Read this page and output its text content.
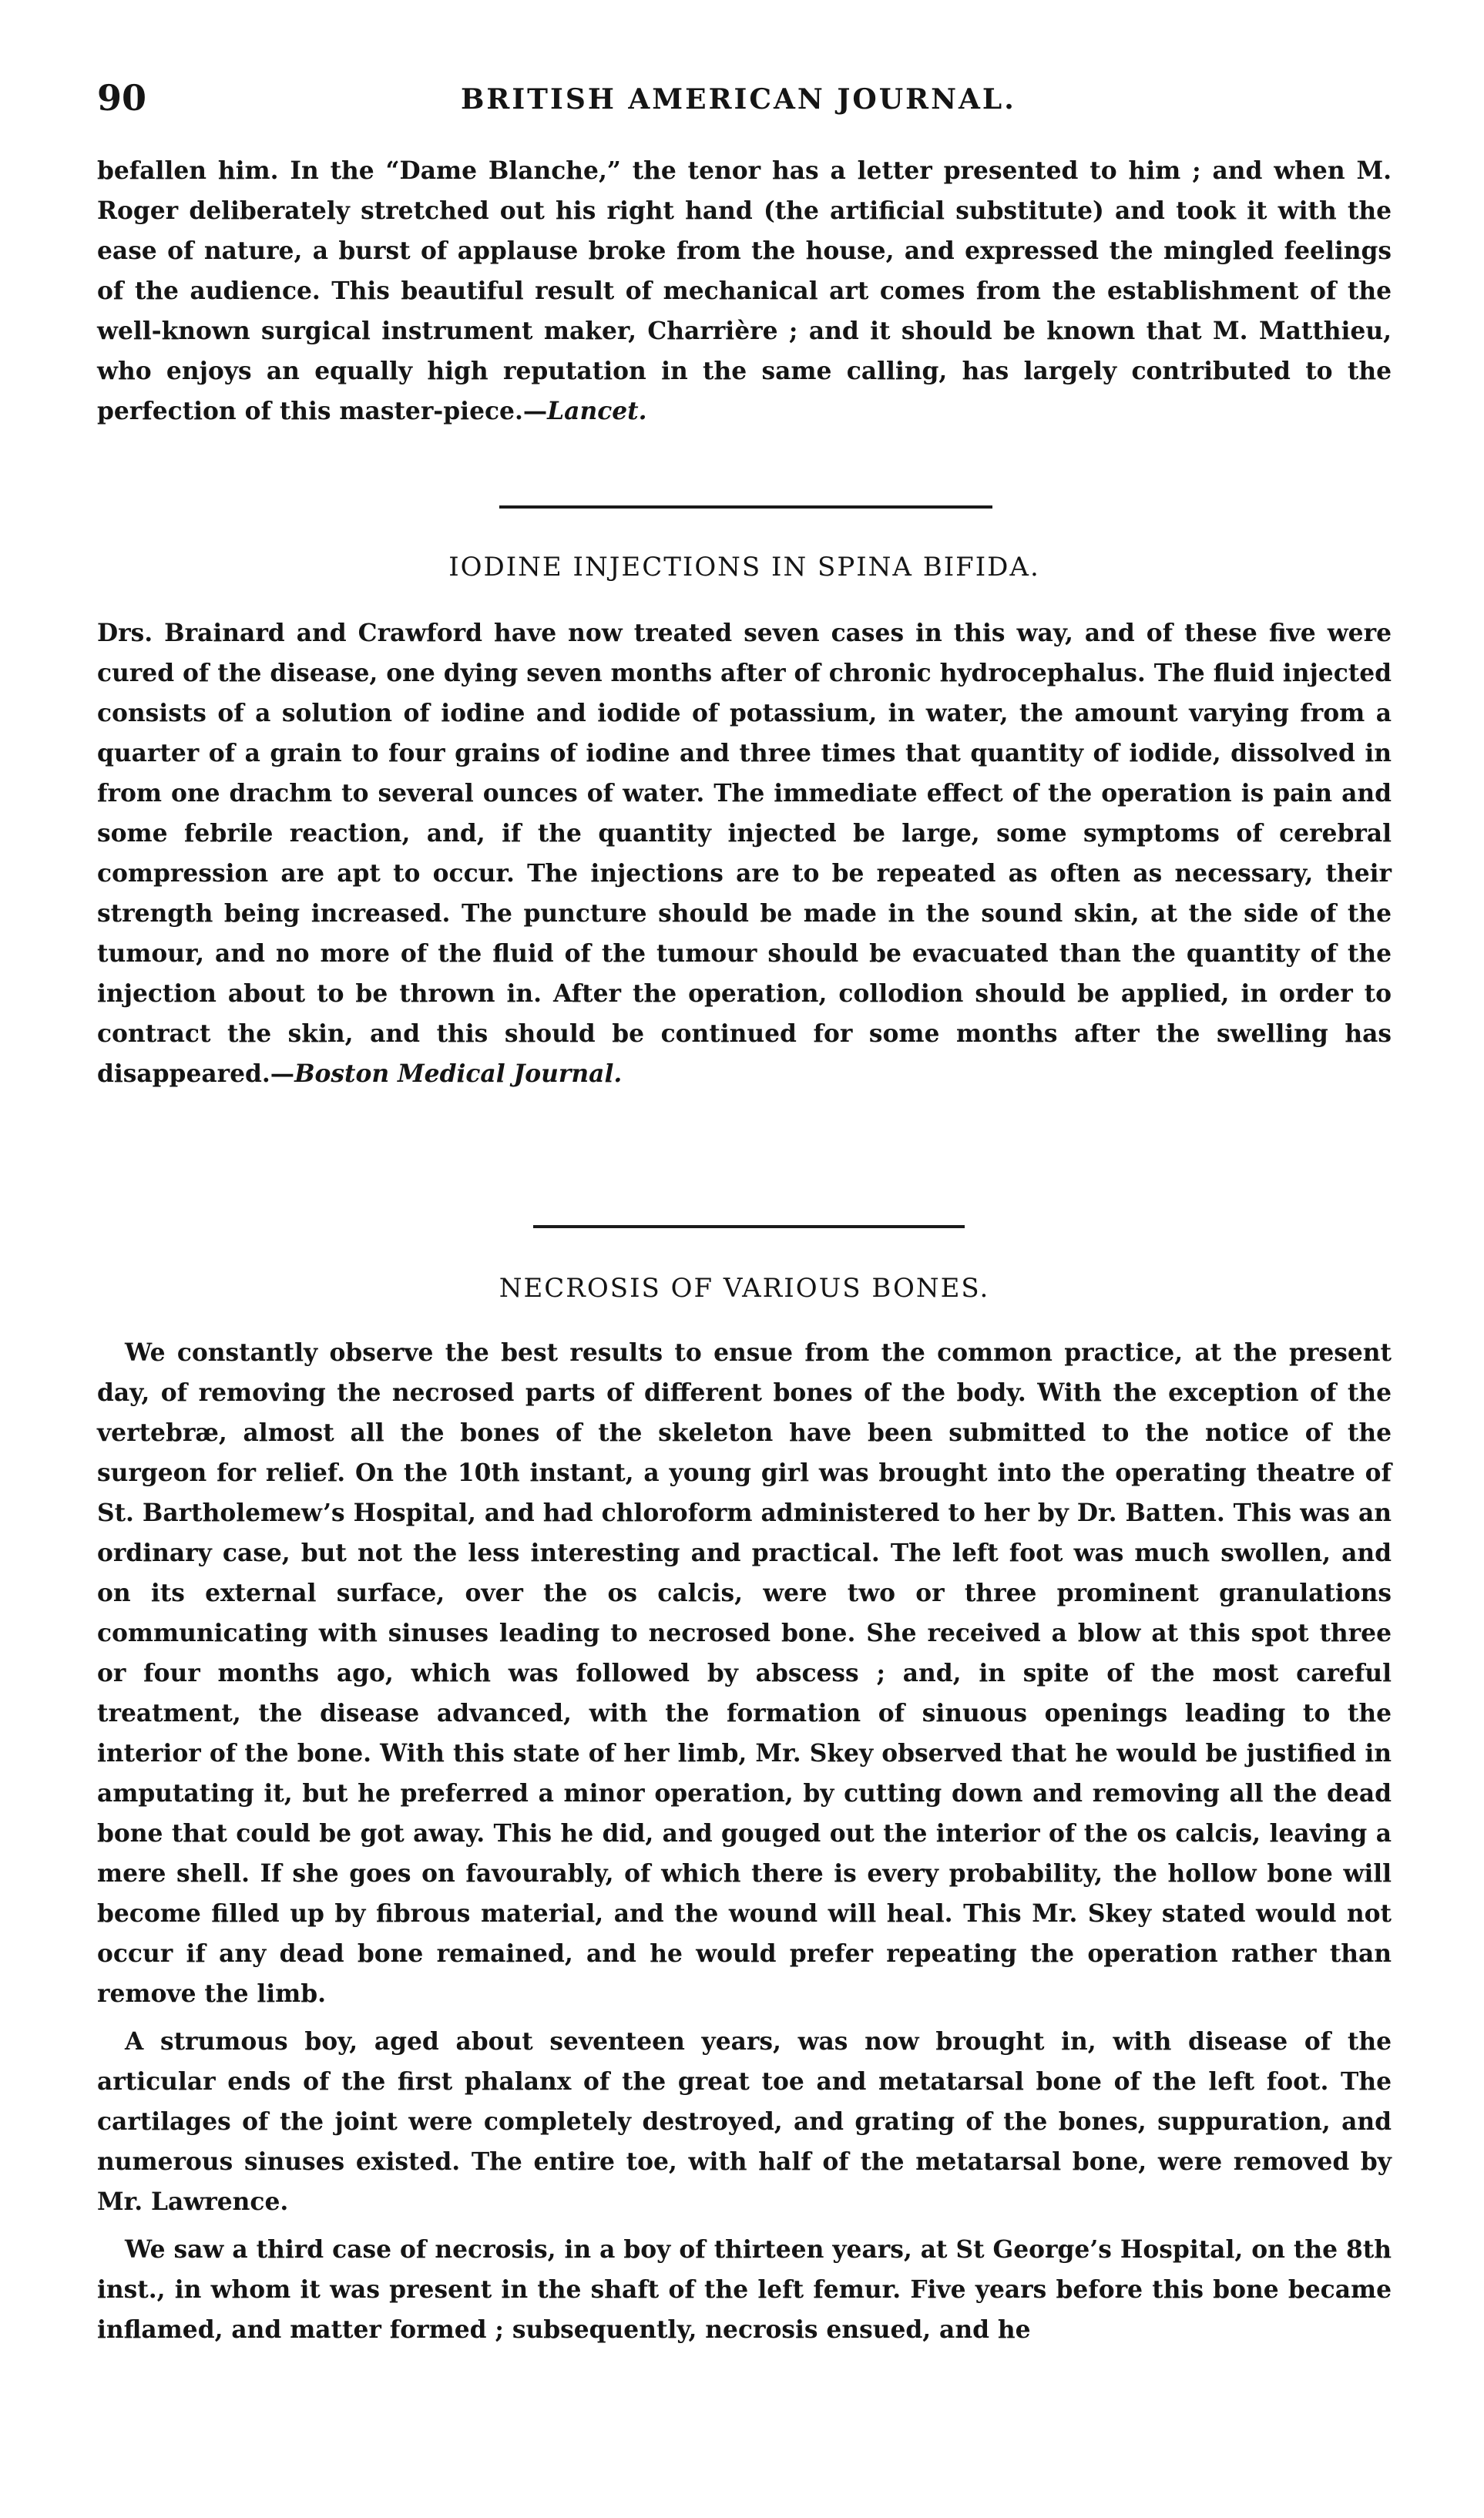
90	BRITISH AMERICAN JOURNAL.

befallen him. In the “Dame Blanche,” the tenor has a letter presented to him ; and when M. Roger deliberately stretched out his right hand (the artificial substitute) and took it with the ease of nature, a burst of applause broke from the house, and expressed the mingled feelings of the audience. This beautiful result of mechanical art comes from the establishment of the well-known surgical instrument maker, Charrière ; and it should be known that M. Matthieu, who enjoys an equally high reputation in the same calling, has largely contributed to the perfection of this master-piece.—Lancet.

IODINE INJECTIONS IN SPINA BIFIDA.

Drs. Brainard and Crawford have now treated seven cases in this way, and of these five were cured of the disease, one dying seven months after of chronic hydrocephalus. The fluid injected consists of a solution of iodine and iodide of potassium, in water, the amount varying from a quarter of a grain to four grains of iodine and three times that quantity of iodide, dissolved in from one drachm to several ounces of water. The immediate effect of the operation is pain and some febrile reaction, and, if the quantity injected be large, some symptoms of cerebral compression are apt to occur. The injections are to be repeated as often as necessary, their strength being increased. The puncture should be made in the sound skin, at the side of the tumour, and no more of the fluid of the tumour should be evacuated than the quantity of the injection about to be thrown in. After the operation, collodion should be applied, in order to contract the skin, and this should be continued for some months after the swelling has disappeared.—Boston Medical Journal.

NECROSIS OF VARIOUS BONES.

We constantly observe the best results to ensue from the common practice, at the present day, of removing the necrosed parts of different bones of the body. With the exception of the vertebræ, almost all the bones of the skeleton have been submitted to the notice of the surgeon for relief. On the 10th instant, a young girl was brought into the operating theatre of St. Bartholemew’s Hospital, and had chloroform administered to her by Dr. Batten. This was an ordinary case, but not the less interesting and practical. The left foot was much swollen, and on its external surface, over the os calcis, were two or three prominent granulations communicating with sinuses leading to necrosed bone. She received a blow at this spot three or four months ago, which was followed by abscess ; and, in spite of the most careful treatment, the disease advanced, with the formation of sinuous openings leading to the interior of the bone. With this state of her limb, Mr. Skey observed that he would be justified in amputating it, but he preferred a minor operation, by cutting down and removing all the dead bone that could be got away. This he did, and gouged out the interior of the os calcis, leaving a mere shell. If she goes on favourably, of which there is every probability, the hollow bone will become filled up by fibrous material, and the wound will heal. This Mr. Skey stated would not occur if any dead bone remained, and he would prefer repeating the operation rather than remove the limb.

A strumous boy, aged about seventeen years, was now brought in, with disease of the articular ends of the first phalanx of the great toe and metatarsal bone of the left foot. The cartilages of the joint were completely destroyed, and grating of the bones, suppuration, and numerous sinuses existed. The entire toe, with half of the metatarsal bone, were removed by Mr. Lawrence.

We saw a third case of necrosis, in a boy of thirteen years, at St George’s Hospital, on the 8th inst., in whom it was present in the shaft of the left femur. Five years before this bone became inflamed, and matter formed ; subsequently, necrosis ensued, and he
